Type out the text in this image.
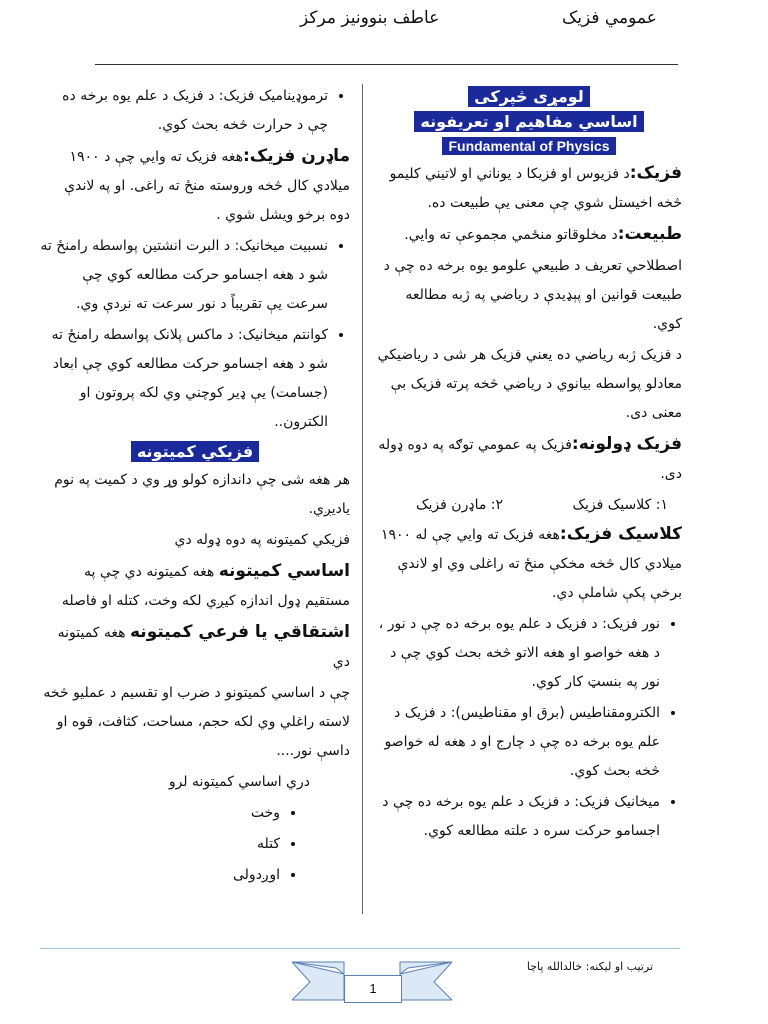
عمومي فزيک
عاطف بنوونيز مرکز
لومړی څپرکی
اساسي مفاهيم او تعريفونه
Fundamental of Physics

فزيک:د فزيوس او فزيکا د يوناني او لاتيني کليمو څخه اخيستل شوي چې معنى يې طبيعت ده.

طبيعت:د مخلوقاتو منځمي مجموعې ته وايي.

اصطلاحي تعريف د طبيعي علومو يوه برخه ده چې د طبيعت قوانين او پېډيدې د رياضي په ژبه مطالعه کوي.

د فزيک ژبه رياضي ده يعني فزيک هر شی د رياضيکي معادلو پواسطه بيانوي د رياضي څخه پرته فزيک بې معنى دی.

فزيک ډولونه:فزيک په عمومي توګه په دوه ډوله دی.

۱: کلاسيک فزيک
۲: ماډرن فزيک

کلاسيک فزيک:هغه فزيک ته وايي چې له ۱۹۰۰ ميلادي کال څخه مخکې منځ ته راغلی وي او لاندې برخې پکې شاملې دي.

• نور فزيک: د فزيک د علم يوه برخه ده چې د نور ، د هغه خواصو او هغه الاتو څخه بحث کوي چې د نور په بنسټ کار کوي.
• الکترومقناطيس (برق او مقناطيس): د فزيک د علم يوه برخه ده چې د چارج او د هغه له خواصو څخه بحث کوي.
• ميخانيک فزيک: د فزيک د علم يوه برخه ده چې د اجسامو حرکت سره د علته مطالعه کوي.
• ترموډيناميک فزيک: د فزيک د علم يوه برخه ده چې د حرارت څخه بحث کوي.

ماډرن فزيک:هغه فزيک ته وايي چې د ۱۹۰۰ ميلادي کال څخه وروسته منځ ته راغی. او په لاندې دوه برخو ويشل شوي .

• نسبيت ميخانيک: د البرت انشتين پواسطه رامنځ ته شو د هغه اجسامو حرکت مطالعه کوي چې سرعت يې تقريباً د نور سرعت ته نږدې وي.
• کوانتم ميخانيک: د ماکس پلانک پواسطه رامنځ ته شو د هغه اجسامو حرکت مطالعه کوي چې ابعاد (جسامت) يې ډير کوچني وي لکه پروتون او الکترون..
فزيکي کميتونه

هر هغه شی چې داندازه کولو وړ وي د کميت په نوم ياديږي.

فزيکي کميتونه په دوه ډوله دي

اساسي کميتونه هغه کميتونه دي چې په مستقيم ډول اندازه کيږي لکه وخت، کتله او فاصله

اشتقاقي يا فرعي کميتونه هغه کميتونه دي

چې د اساسي کميتونو د ضرب او تقسيم د عمليو څخه لاسته راغلي وي لکه حجم، مساحت، کثافت، قوه او داسې نور....

دري اساسي کميتونه لرو

• وخت
• کتله
• اوږدولی
ترتيب او ليکنه: خالدالله پاچا
1
